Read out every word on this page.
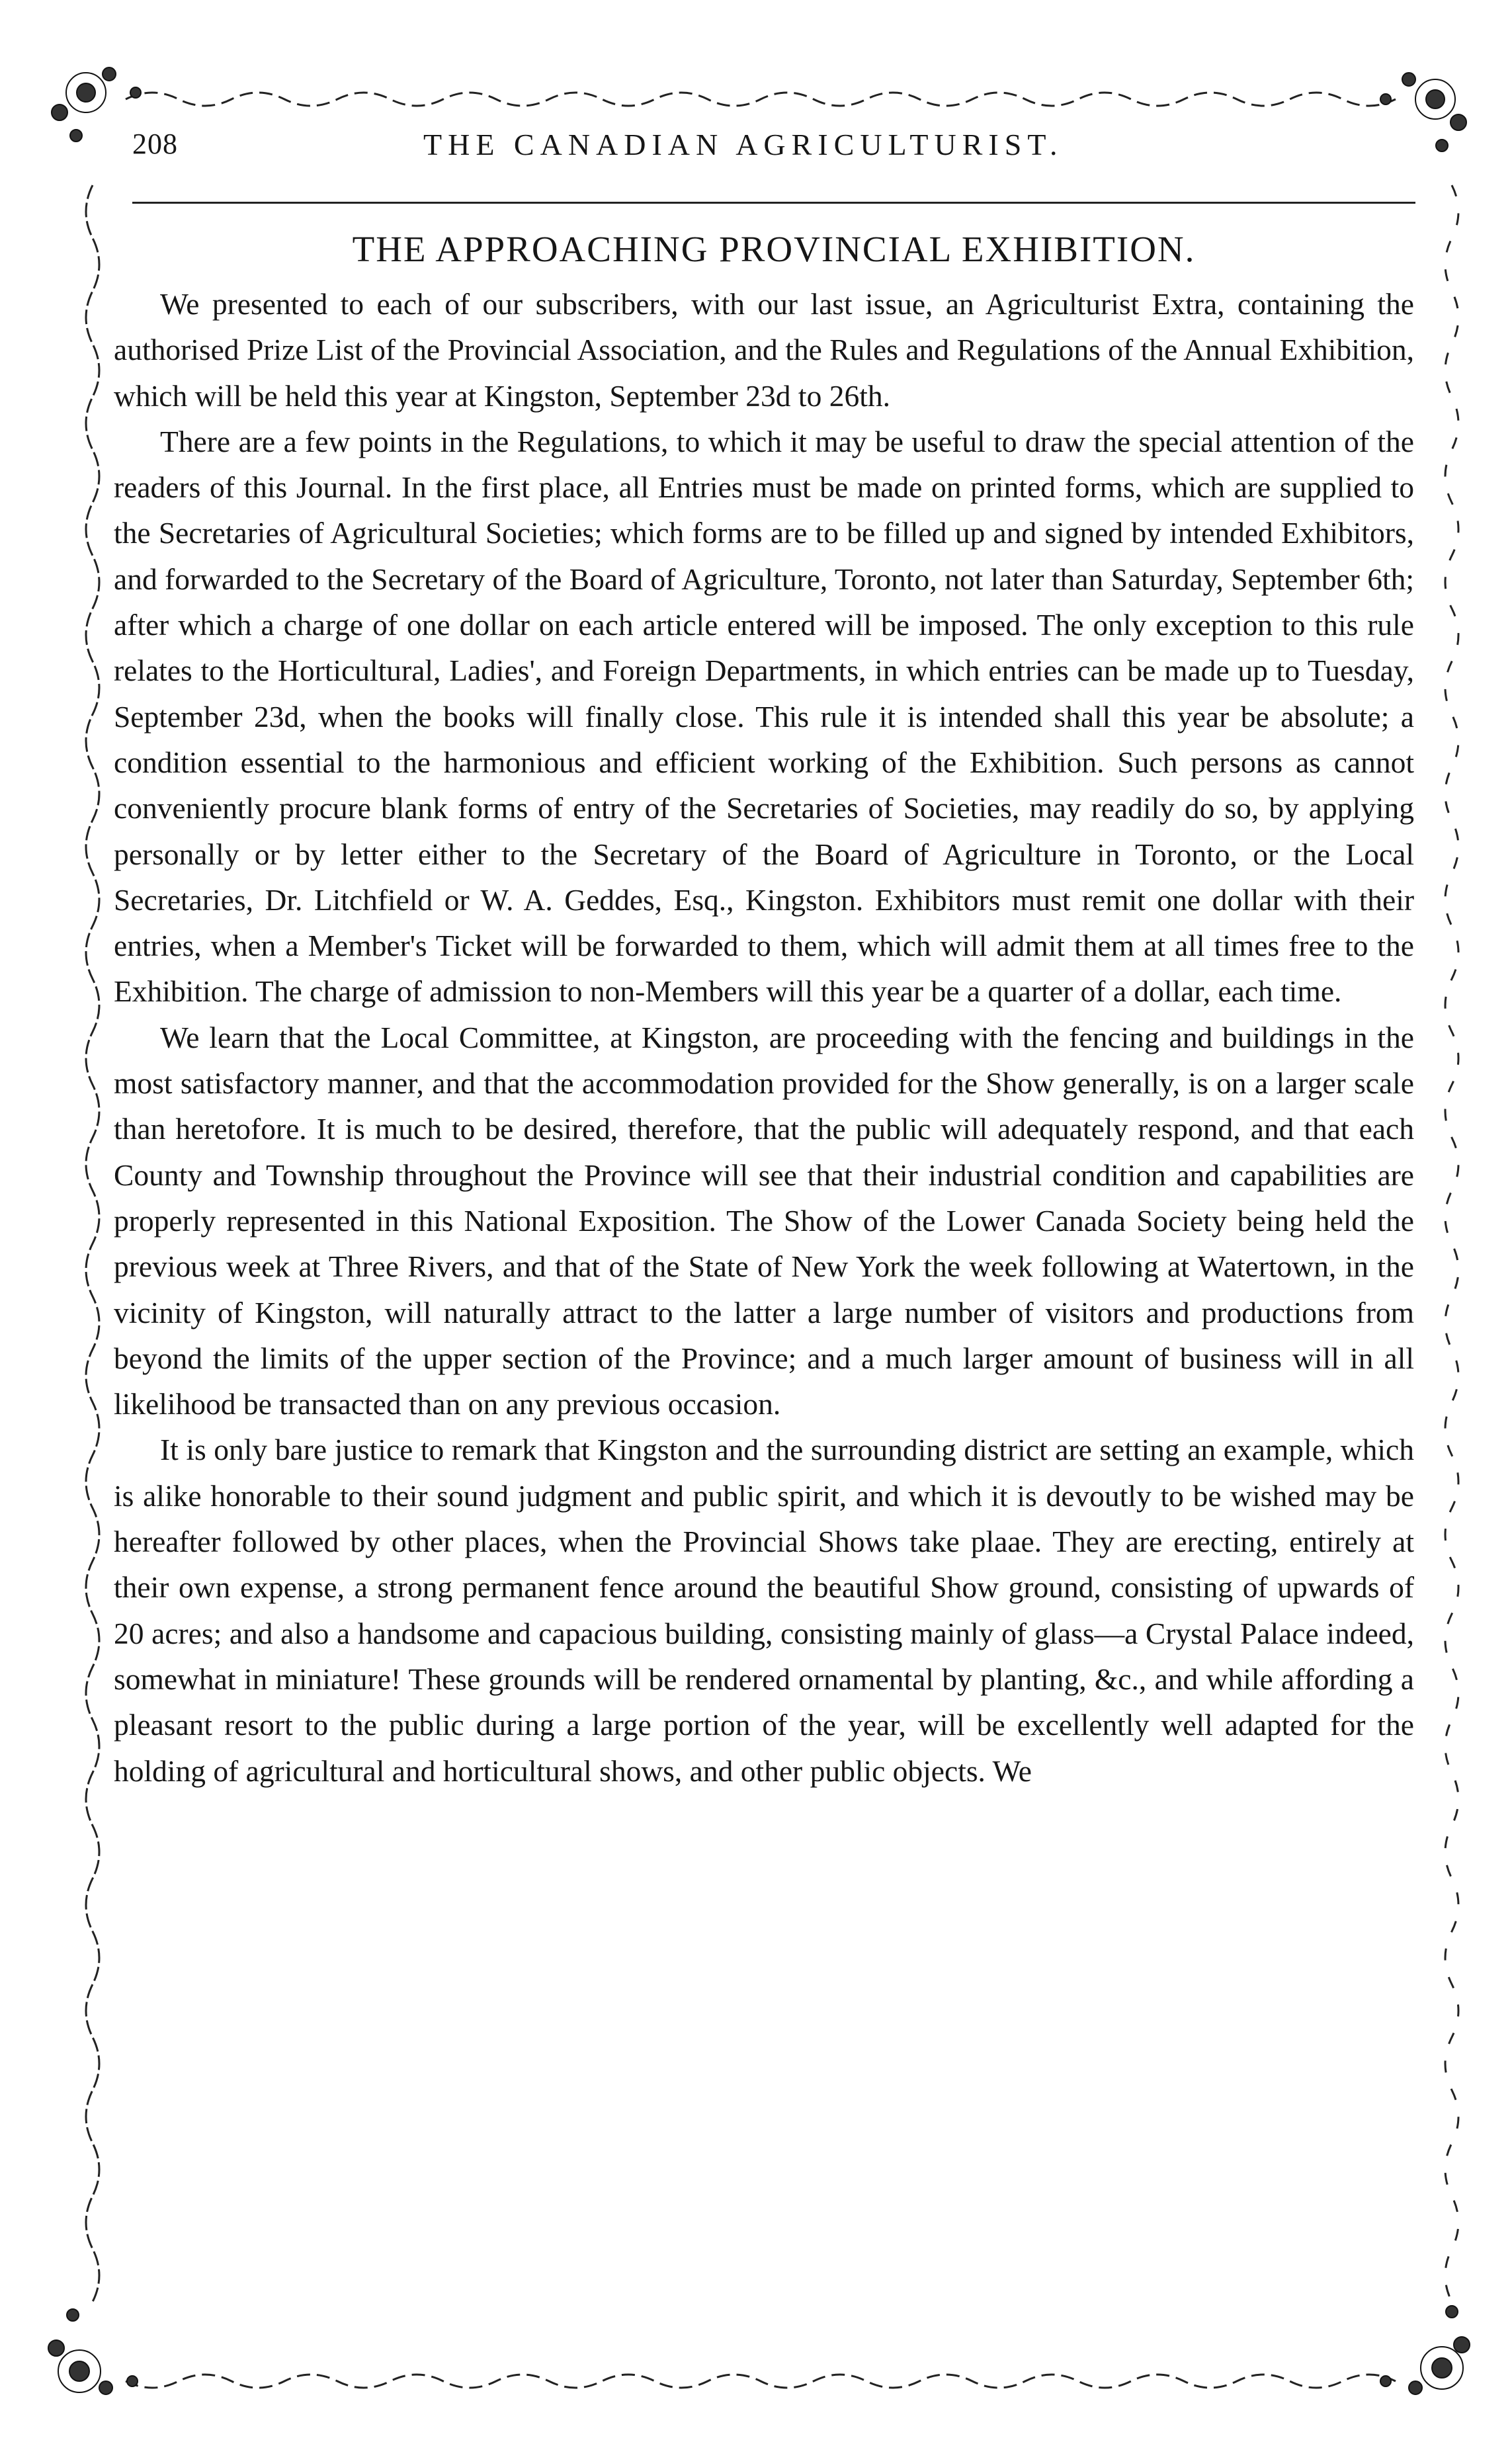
208	THE CANADIAN AGRICULTURIST.
THE APPROACHING PROVINCIAL EXHIBITION.

We presented to each of our subscribers, with our last issue, an Agriculturist Extra, containing the authorised Prize List of the Provincial Association, and the Rules and Regulations of the Annual Exhibition, which will be held this year at Kingston, September 23d to 26th.

There are a few points in the Regulations, to which it may be useful to draw the special attention of the readers of this Journal. In the first place, all Entries must be made on printed forms, which are supplied to the Secretaries of Agricultural Societies; which forms are to be filled up and signed by intended Exhibitors, and forwarded to the Secretary of the Board of Agriculture, Toronto, not later than Saturday, September 6th; after which a charge of one dollar on each article entered will be imposed. The only exception to this rule relates to the Horticultural, Ladies', and Foreign Departments, in which entries can be made up to Tuesday, September 23d, when the books will finally close. This rule it is intended shall this year be absolute; a condition essential to the harmonious and efficient working of the Exhibition. Such persons as cannot conveniently procure blank forms of entry of the Secretaries of Societies, may readily do so, by applying personally or by letter either to the Secretary of the Board of Agriculture in Toronto, or the Local Secretaries, Dr. Litchfield or W. A. Geddes, Esq., Kingston. Exhibitors must remit one dollar with their entries, when a Member's Ticket will be forwarded to them, which will admit them at all times free to the Exhibition. The charge of admission to non-Members will this year be a quarter of a dollar, each time.

We learn that the Local Committee, at Kingston, are proceeding with the fencing and buildings in the most satisfactory manner, and that the accommodation provided for the Show generally, is on a larger scale than heretofore. It is much to be desired, therefore, that the public will adequately respond, and that each County and Township throughout the Province will see that their industrial condition and capabilities are properly represented in this National Exposition. The Show of the Lower Canada Society being held the previous week at Three Rivers, and that of the State of New York the week following at Watertown, in the vicinity of Kingston, will naturally attract to the latter a large number of visitors and productions from beyond the limits of the upper section of the Province; and a much larger amount of business will in all likelihood be transacted than on any previous occasion.

It is only bare justice to remark that Kingston and the surrounding district are setting an example, which is alike honorable to their sound judgment and public spirit, and which it is devoutly to be wished may be hereafter followed by other places, when the Provincial Shows take plaae. They are erecting, entirely at their own expense, a strong permanent fence around the beautiful Show ground, consisting of upwards of 20 acres; and also a handsome and capacious building, consisting mainly of glass—a Crystal Palace indeed, somewhat in miniature! These grounds will be rendered ornamental by planting, &c., and while affording a pleasant resort to the public during a large portion of the year, will be excellently well adapted for the holding of agricultural and horticultural shows, and other public objects. We
